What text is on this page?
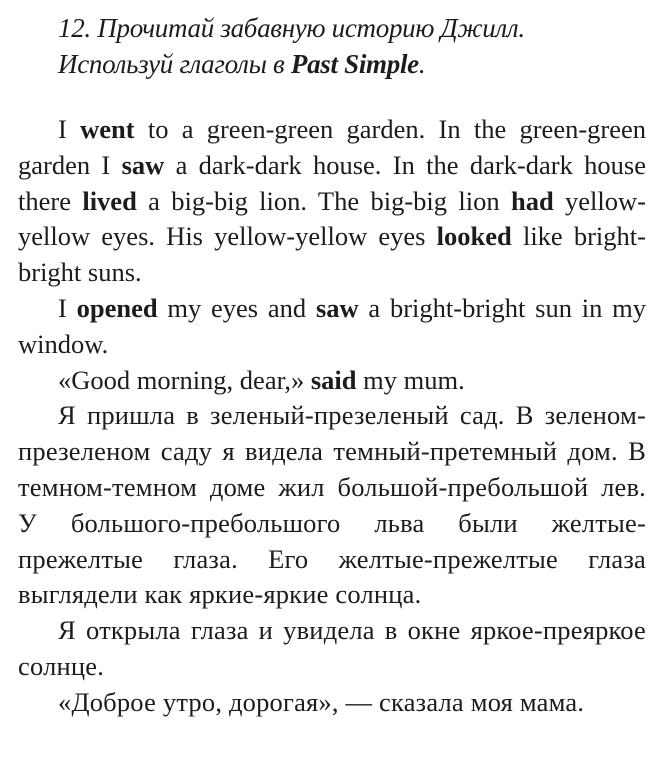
12. Прочитай забавную историю Джилл.
Используй глаголы в Past Simple.

I went to a green-green garden. In the green-green garden I saw a dark-dark house. In the dark-dark house there lived a big-big lion. The big-big lion had yellow-yellow eyes. His yellow-yellow eyes looked like bright-bright suns.

I opened my eyes and saw a bright-bright sun in my window.

«Good morning, dear,» said my mum.

Я пришла в зеленый-презеленый сад. В зеленом-презеленом саду я видела темный-претемный дом. В темном-темном доме жил большой-пребольшой лев. У большого-пребольшого льва были желтые-прежелтые глаза. Его желтые-прежелтые глаза выглядели как яркие-яркие солнца.

Я открыла глаза и увидела в окне яркое-преяркое солнце.

«Доброе утро, дорогая», — сказала моя мама.
